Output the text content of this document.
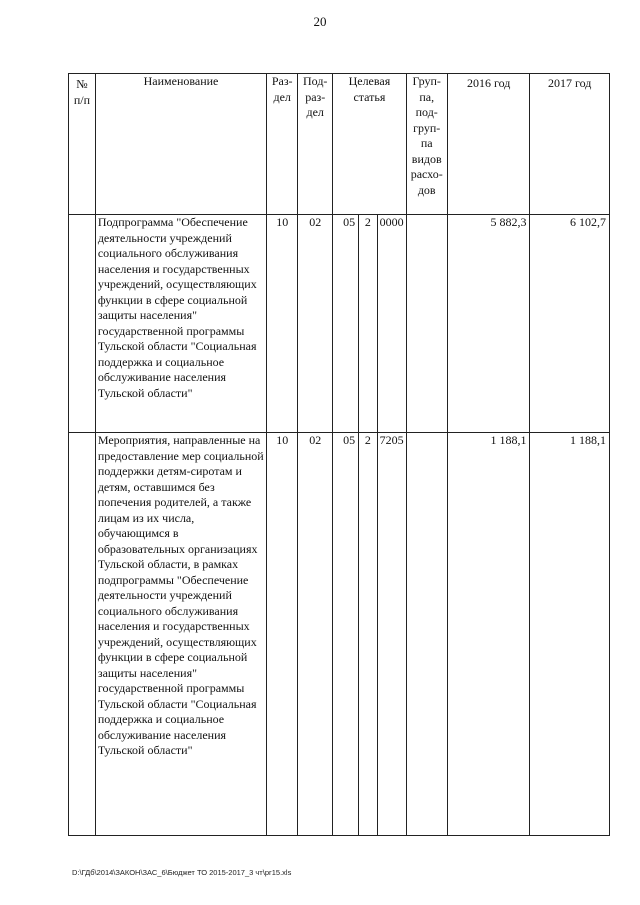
20
№ п/п	Наименование	Раз-дел	Под-раз-дел	Целевая статья			Груп-па, под-груп-па видов расхо-дов	2016 год	2017 год
	Подпрограмма "Обеспечение деятельности учреждений социального обслуживания населения и государственных учреждений, осуществляющих функции в сфере социальной защиты населения" государственной программы Тульской области "Социальная поддержка и социальное обслуживание населения Тульской области"	10	02	05	2	0000		5 882,3	6 102,7
	Мероприятия, направленные на предоставление мер социальной поддержки детям-сиротам и детям, оставшимся без попечения родителей, а также лицам из их числа, обучающимся в образовательных организациях Тульской области, в рамках подпрограммы "Обеспечение деятельности учреждений социального обслуживания населения и государственных учреждений, осуществляющих функции в сфере социальной защиты населения" государственной программы Тульской области "Социальная поддержка и социальное обслуживание населения Тульской области"	10	02	05	2	7205		1 188,1	1 188,1
D:\ГДб\2014\ЗАКОН\ЗАС_6\Бюджет ТО 2015-2017_3 чт\рг15.xls
